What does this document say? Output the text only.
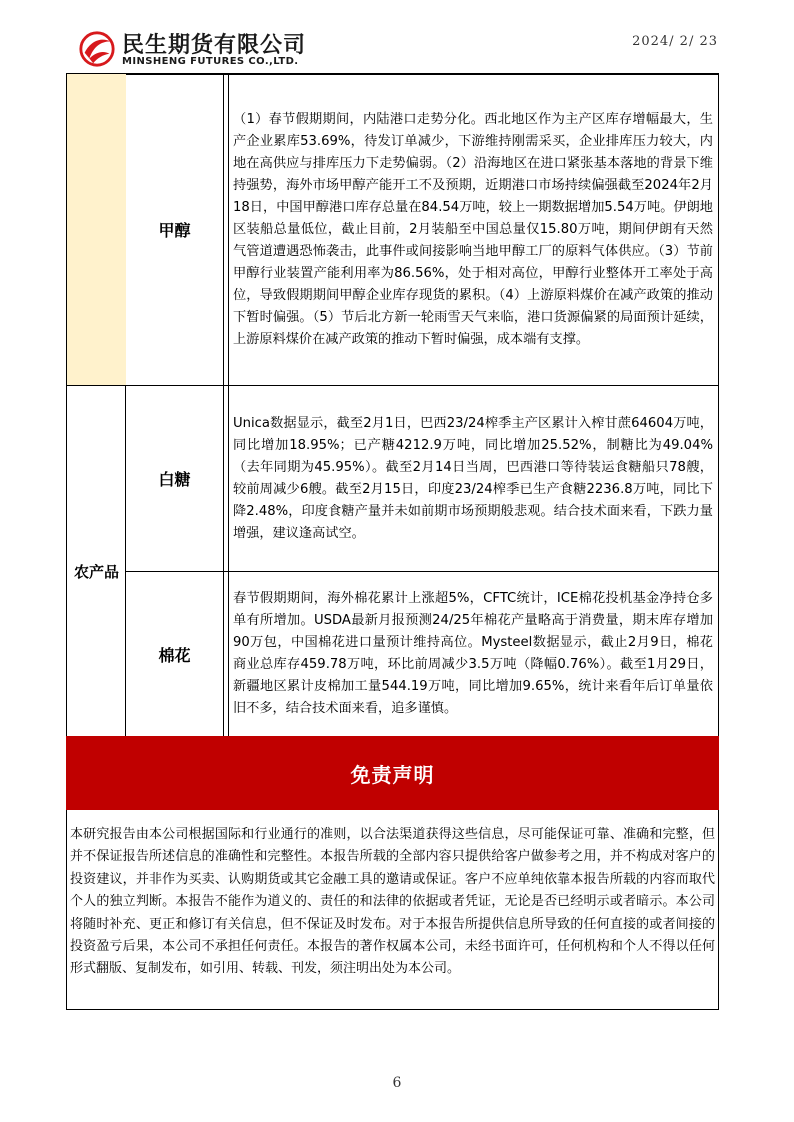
民生期货有限公司
MINSHENG FUTURES CO.,LTD.
2024/ 2/ 23
农产品
甲醇
（1）春节假期期间，内陆港口走势分化。西北地区作为主产区库存增幅最大，生产企业累库53.69%，待发订单减少，下游维持刚需采买，企业排库压力较大，内地在高供应与排库压力下走势偏弱。（2）沿海地区在进口紧张基本落地的背景下维持强势，海外市场甲醇产能开工不及预期，近期港口市场持续偏强截至2024年2月18日，中国甲醇港口库存总量在84.54万吨，较上一期数据增加5.54万吨。伊朗地区装船总量低位，截止目前，2月装船至中国总量仅15.80万吨，期间伊朗有天然气管道遭遇恐怖袭击，此事件或间接影响当地甲醇工厂的原料气体供应。（3）节前甲醇行业装置产能利用率为86.56%，处于相对高位，甲醇行业整体开工率处于高位，导致假期期间甲醇企业库存现货的累积。（4）上游原料煤价在减产政策的推动下暂时偏强。（5）节后北方新一轮雨雪天气来临，港口货源偏紧的局面预计延续，上游原料煤价在减产政策的推动下暂时偏强，成本端有支撑。
白糖
Unica数据显示，截至2月1日，巴西23/24榨季主产区累计入榨甘蔗64604万吨，同比增加18.95%；已产糖4212.9万吨，同比增加25.52%，制糖比为49.04%（去年同期为45.95%）。截至2月14日当周，巴西港口等待装运食糖船只78艘，较前周减少6艘。截至2月15日，印度23/24榨季已生产食糖2236.8万吨，同比下降2.48%，印度食糖产量并未如前期市场预期般悲观。结合技术面来看，下跌力量增强，建议逢高试空。
棉花
春节假期期间，海外棉花累计上涨超5%，CFTC统计，ICE棉花投机基金净持仓多单有所增加。USDA最新月报预测24/25年棉花产量略高于消费量，期末库存增加90万包，中国棉花进口量预计维持高位。Mysteel数据显示，截止2月9日，棉花商业总库存459.78万吨，环比前周减少3.5万吨（降幅0.76%）。截至1月29日，新疆地区累计皮棉加工量544.19万吨，同比增加9.65%，统计来看年后订单量依旧不多，结合技术面来看，追多谨慎。
免责声明
本研究报告由本公司根据国际和行业通行的准则，以合法渠道获得这些信息，尽可能保证可靠、准确和完整，但并不保证报告所述信息的准确性和完整性。本报告所载的全部内容只提供给客户做参考之用，并不构成对客户的投资建议，并非作为买卖、认购期货或其它金融工具的邀请或保证。客户不应单纯依靠本报告所载的内容而取代个人的独立判断。本报告不能作为道义的、责任的和法律的依据或者凭证，无论是否已经明示或者暗示。本公司将随时补充、更正和修订有关信息，但不保证及时发布。对于本报告所提供信息所导致的任何直接的或者间接的投资盈亏后果，本公司不承担任何责任。本报告的著作权属本公司，未经书面许可，任何机构和个人不得以任何形式翻版、复制发布，如引用、转载、刊发，须注明出处为本公司。
6
